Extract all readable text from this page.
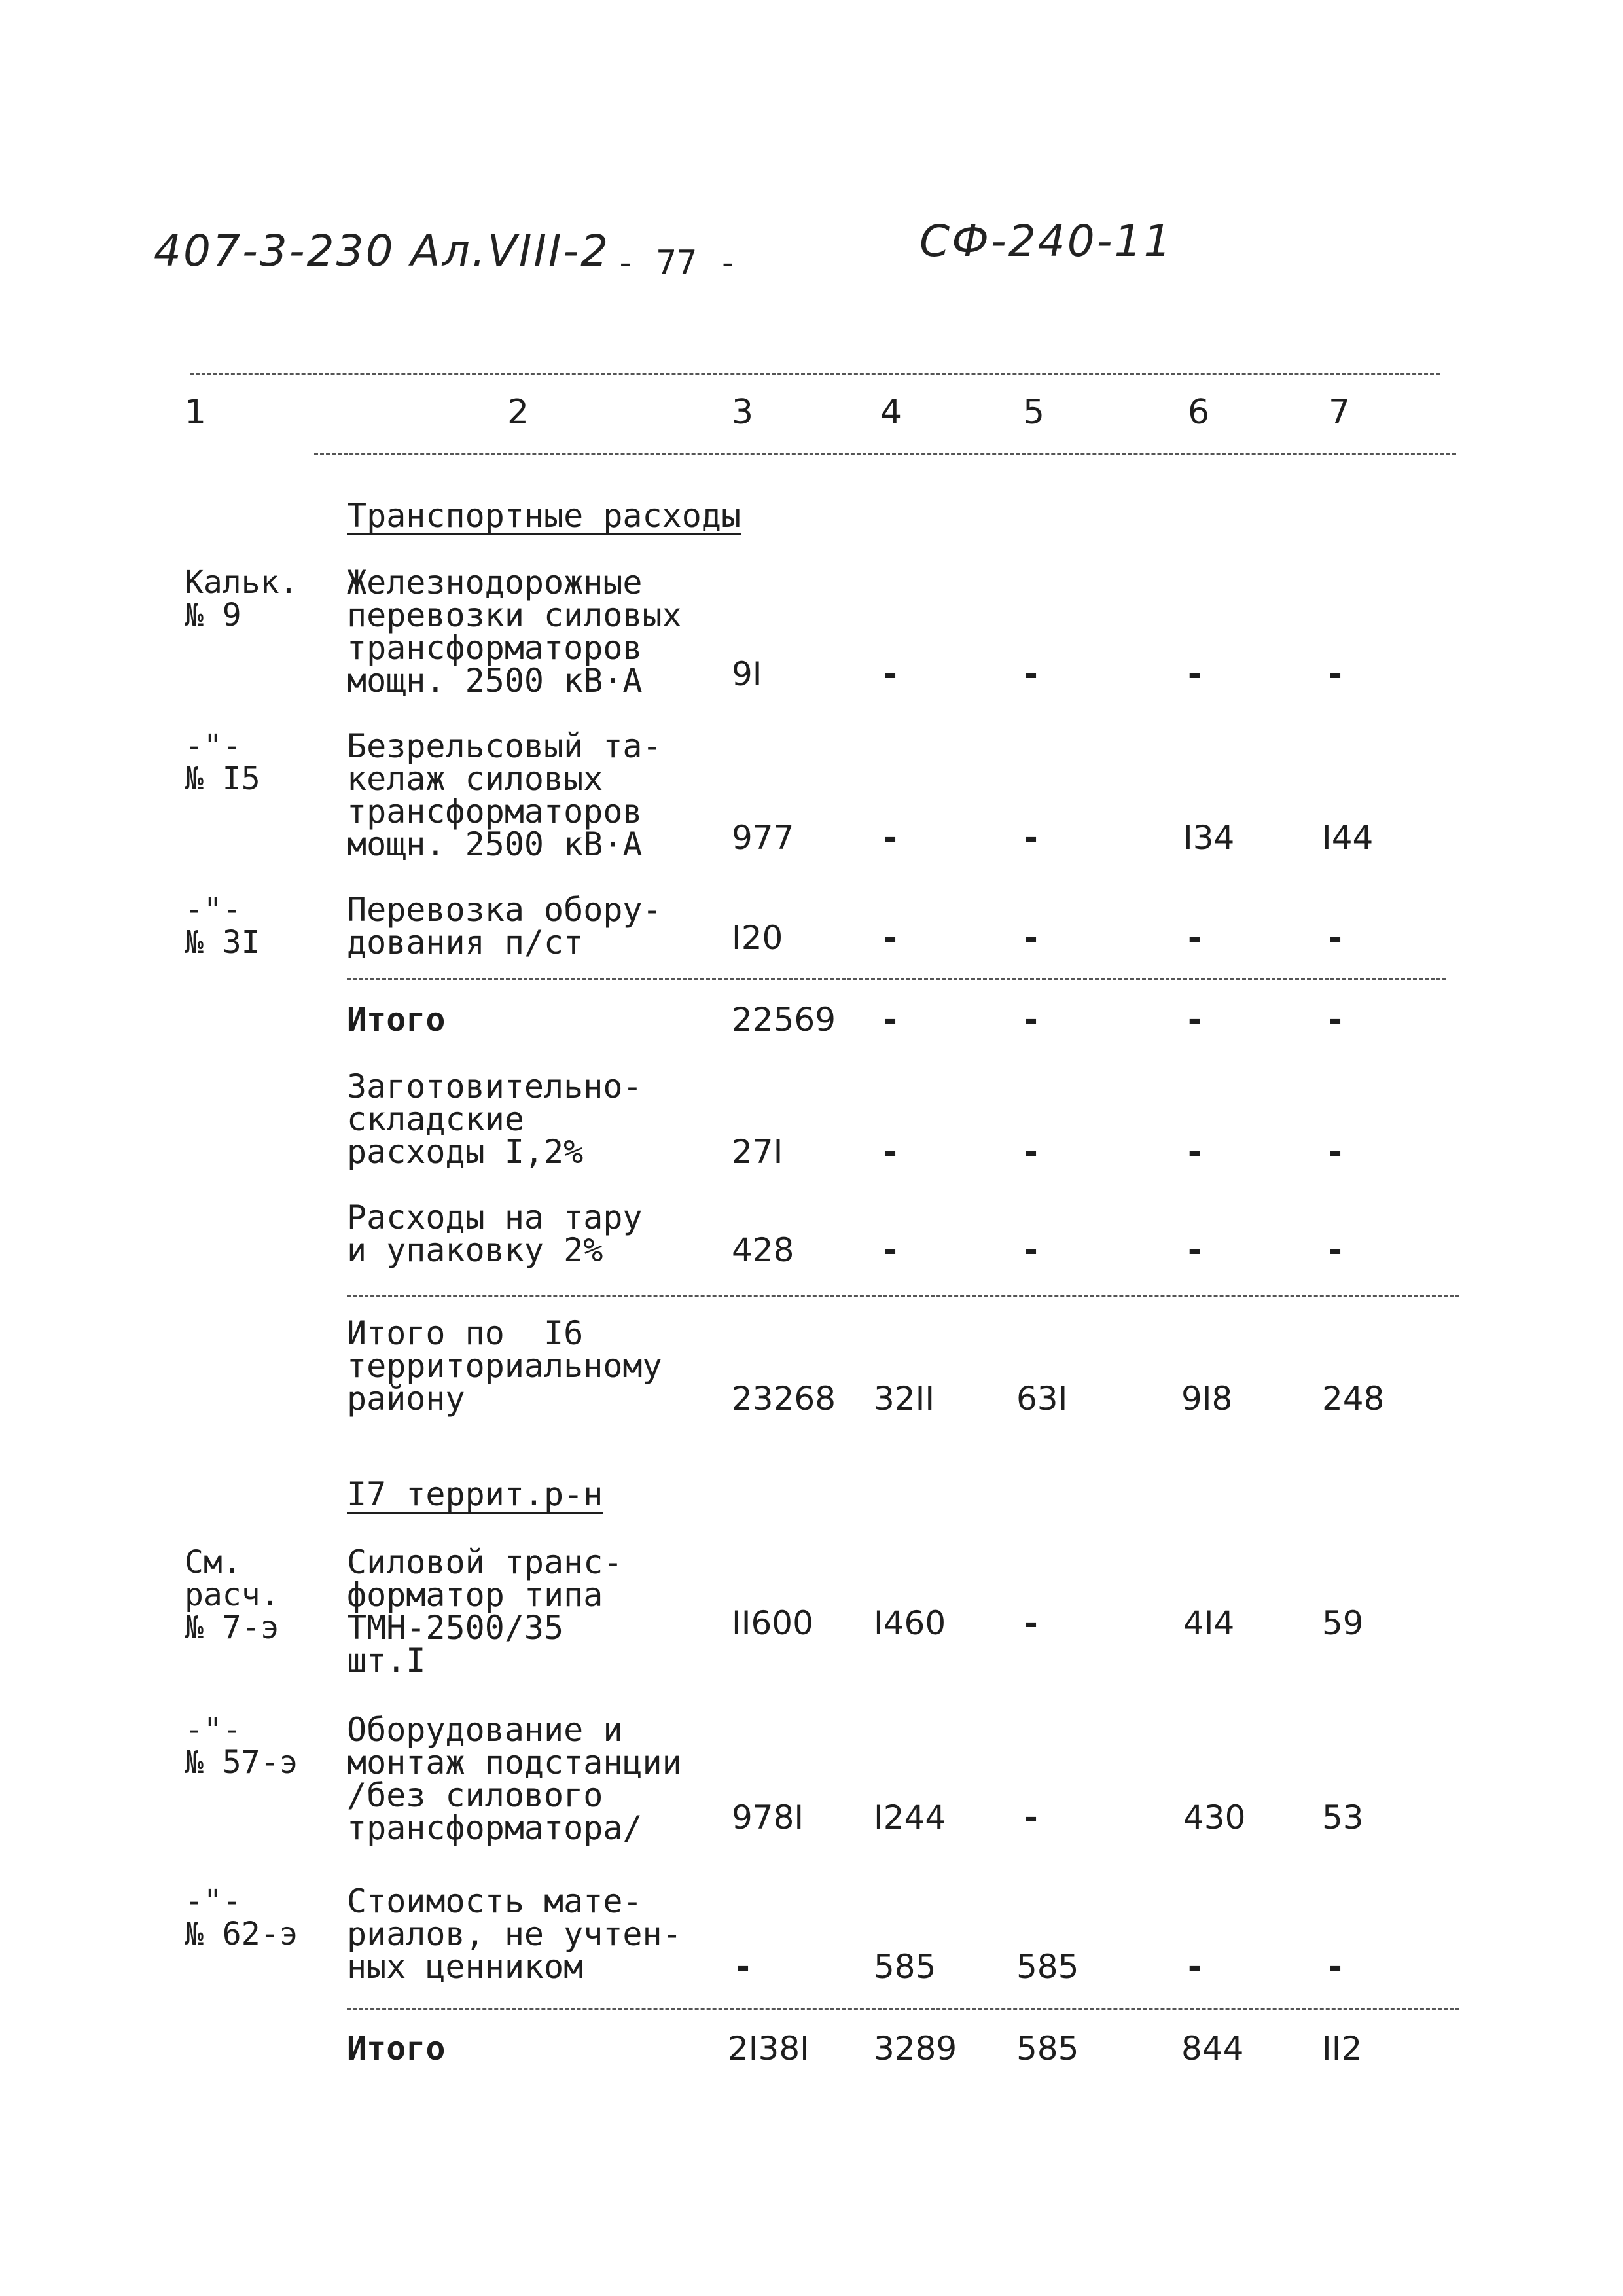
407-3-230 Ал.VIII-2 - 77 -	СФ-240-11
1	2	3	4	5	6	7
Транспортные расходы
Кальк.
№ 9
Железнодорожные
перевозки силовых
трансформаторов
мощн. 2500 кВ·А	9I	-	-	-	-
-"-
№ I5
Безрельсовый та-
келаж силовых
трансформаторов
мощн. 2500 кВ·А	977	-	-	I34	I44
-"-
№ 3I
Перевозка обору-
дования п/ст	I20	-	-	-	-
Итого	22569 -	-	-	-
Заготовительно-
складские
расходы I,2%	27I	-	-	-	-
Расходы на тару
и упаковку 2%	428	-	-	-	-
Итого по  I6
территориальному
району	23268 32II 63I	9I8	248
I7 террит.р-н
См.
расч.
№ 7-э
Силовой транс-
форматор типа
ТМН-2500/35
шт.I
II600 I460 -	4I4	59
-"-
№ 57-э
Оборудование и
монтаж подстанции
/без силового
трансформатора/	978I I244 -	430 53
-"-
№ 62-э
Стоимость мате-
риалов, не учтен-
ных ценником	-	585 585	-	-
Итого	2I38I 3289 585	844 II2
